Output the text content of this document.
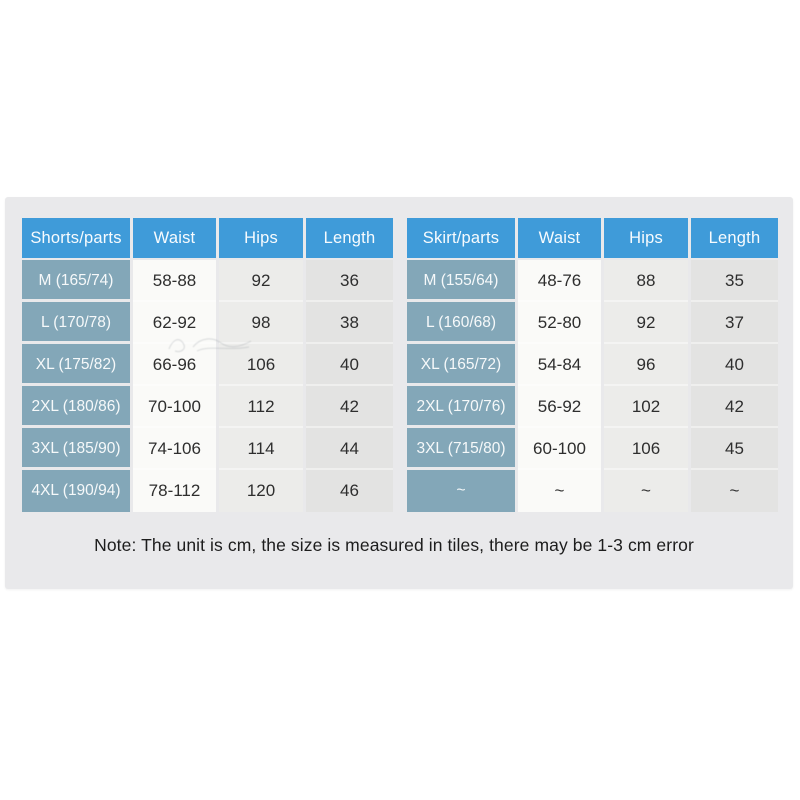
Shorts/parts	Waist	Hips	Length
M (165/74)	58-88	92	36
L (170/78)	62-92	98	38
XL (175/82)	66-96	106	40
2XL (180/86)	70-100	112	42
3XL (185/90)	74-106	114	44
4XL (190/94)	78-112	120	46
Skirt/parts	Waist	Hips	Length
M (155/64)	48-76	88	35
L (160/68)	52-80	92	37
XL (165/72)	54-84	96	40
2XL (170/76)	56-92	102	42
3XL (715/80)	60-100	106	45
~	~	~	~
Note: The unit is cm, the size is measured in tiles, there may be 1-3 cm error
